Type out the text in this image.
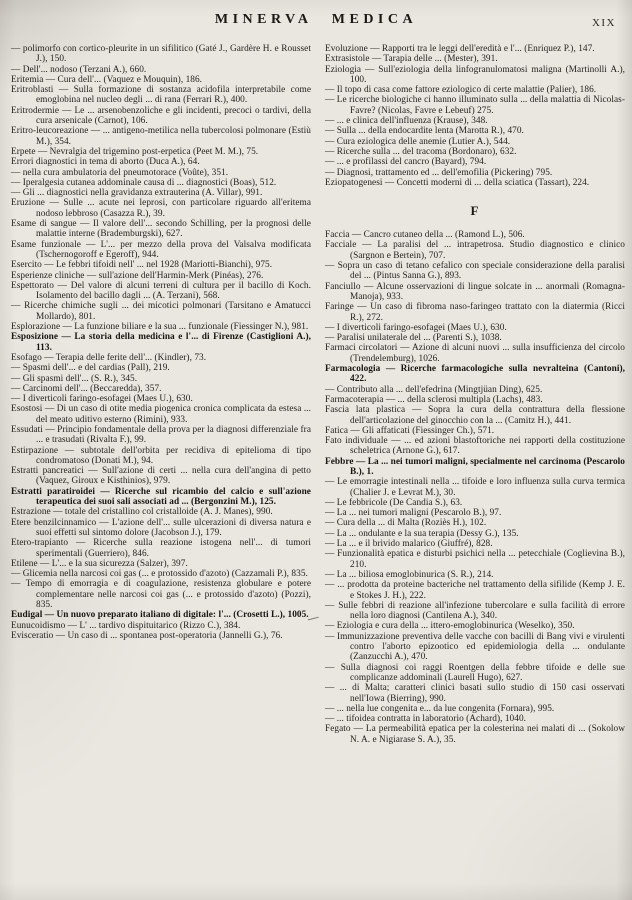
MINERVA MEDICA	XIX
— polimorfo con cortico-pleurite in un sifilitico (Gaté J., Gardère H. e Rousset J.), 150.
— Dell'... nodoso (Terzani A.), 660.
Eritemia — Cura dell'... (Vaquez e Mouquin), 186.
Eritroblasti — Sulla formazione di sostanza acidofila interpretabile come emoglobina nel nucleo degli ... di rana (Ferrari R.), 400.
Eritrodermie — Le ... arsenobenzoliche e gli incidenti, precoci o tardivi, della cura arsenicale (Carnot), 106.
Eritro-leucoreazione — ... antigeno-metilica nella tubercolosi polmonare (Estiù M.), 354.
Erpete — Nevralgia del trigemino post-erpetica (Peet M. M.), 75.
Errori diagnostici in tema di aborto (Duca A.), 64.
— nella cura ambulatoria del pneumotorace (Voûte), 351.
— Iperalgesia cutanea addominale causa di ... diagnostici (Boas), 512.
— Gli ... diagnostici nella gravidanza extrauterina (A. Villar), 991.
Eruzione — Sulle ... acute nei leprosi, con particolare riguardo all'eritema nodoso lebbroso (Casazza R.), 39.
Esame di sangue — Il valore dell'... secondo Schilling, per la prognosi delle malattie interne (Brademburgski), 627.
Esame funzionale — L'... per mezzo della prova del Valsalva modificata (Tschernogoroff e Egeroff), 944.
Esercito — Le febbri tifoidi nell' ... nel 1928 (Mariotti-Bianchi), 975.
Esperienze cliniche — sull'azione dell'Harmin-Merk (Pinéas), 276.
Espettorato — Del valore di alcuni terreni di cultura per il bacillo di Koch. Isolamento del bacillo dagli ... (A. Terzani), 568.
— Ricerche chimiche sugli ... dei micotici polmonari (Tarsitano e Amatucci Mollardo), 801.
Esplorazione — La funzione biliare e la sua ... funzionale (Fiessinger N.), 981.
Esposizione — La storia della medicina e l'... di Firenze (Castiglioni A.), 113.
Esofago — Terapia delle ferite dell'... (Kindler), 73.
— Spasmi dell'... e del cardias (Pall), 219.
— Gli spasmi dell'... (S. R.), 345.
— Carcinomi dell'... (Beccaredda), 357.
— I diverticoli faringo-esofagei (Maes U.), 630.
Esostosi — Di un caso di otite media piogenica cronica complicata da estesa ... del meato uditivo esterno (Rimini), 933.
Essudati — Principio fondamentale della prova per la diagnosi differenziale fra ... e trasudati (Rivalta F.), 99.
Estirpazione — subtotale dell'orbita per recidiva di epitelioma di tipo condromatoso (Donati M.), 94.
Estratti pancreatici — Sull'azione di certi ... nella cura dell'angina di petto (Vaquez, Giroux e Kisthinios), 979.
Estratti paratiroidei — Ricerche sul ricambio del calcio e sull'azione terapeutica dei suoi sali associati ad ... (Bergonzini M.), 125.
Estrazione — totale del cristallino col cristalloide (A. J. Manes), 990.
Etere benzilcinnamico — L'azione dell'... sulle ulcerazioni di diversa natura e suoi effetti sul sintomo dolore (Jacobson J.), 179.
Etero-trapianto — Ricerche sulla reazione istogena nell'... di tumori sperimentali (Guerriero), 846.
Etilene — L'... e la sua sicurezza (Salzer), 397.
— Glicemia nella narcosi coi gas (... e protossido d'azoto) (Cazzamali P.), 835.
— Tempo di emorragia e di coagulazione, resistenza globulare e potere complementare nelle narcosi coi gas (... e protossido d'azoto) (Pozzi), 835.
Eudigal — Un nuovo preparato italiano di digitale: l'... (Crosetti L.), 1005.
Eunucoidismo — L' ... tardivo dispituitarico (Rizzo C.), 384.
Evisceratio — Un caso di ... spontanea post-operatoria (Jannelli G.), 76.
Evoluzione — Rapporti tra le leggi dell'eredità e l'... (Enriquez P.), 147.
Extrasistole — Tarapia delle ... (Mester), 391.
Eziologia — Sull'eziologia della linfogranulomatosi maligna (Martinolli A.), 100.
— Il topo di casa come fattore eziologico di certe malattie (Palier), 186.
— Le ricerche biologiche ci hanno illuminato sulla ... della malattia di Nicolas-Favre? (Nicolas, Favre e Lebeuf) 275.
— ... e clinica dell'influenza (Krause), 348.
— Sulla ... della endocardite lenta (Marotta R.), 470.
— Cura eziologica delle anemie (Lutier A.), 544.
— Ricerche sulla ... del tracoma (Bordonaro), 632.
— ... e profilassi del cancro (Bayard), 794.
— Diagnosi, trattamento ed ... dell'emofilia (Pickering) 795.
Eziopatogenesi — Concetti moderni di ... della sciatica (Tassart), 224.
F
Faccia — Cancro cutaneo della ... (Ramond L.), 506.
Facciale — La paralisi del ... intrapetrosa. Studio diagnostico e clinico (Sargnon e Bertein), 707.
— Sopra un caso di tetano cefalico con speciale considerazione della paralisi del ... (Pintus Sanna G.), 893.
Fanciullo — Alcune osservazioni di lingue solcate in ... anormali (Romagna-Manoja), 933.
Faringe — Un caso di fibroma naso-faringeo trattato con la diatermia (Ricci R.), 272.
— I diverticoli faringo-esofagei (Maes U.), 630.
— Paralisi unilaterale del ... (Parenti S.), 1038.
Farmaci circolatori — Azione di alcuni nuovi ... sulla insufficienza del circolo (Trendelemburg), 1026.
Farmacologia — Ricerche farmacologiche sulla nevralteina (Cantoni), 422.
— Contributo alla ... dell'efedrina (Mingtjüan Ding), 625.
Farmacoterapia — ... della sclerosi multipla (Lachs), 483.
Fascia lata plastica — Sopra la cura della contrattura della flessione dell'articolazione del ginocchio con la ... (Camitz H.), 441.
Fatica — Gli affaticati (Fiessinger Ch.), 571.
Fato individuale — ... ed azioni blastoftoriche nei rapporti della costituzione scheletrica (Arnone G.), 617.
Febbre — La ... nei tumori maligni, specialmente nel carcinoma (Pescarolo B.), 1.
— Le emorragie intestinali nella ... tifoide e loro influenza sulla curva termica (Chalier J. e Levrat M.), 30.
— Le febbricole (De Candia S.), 63.
— La ... nei tumori maligni (Pescarolo B.), 97.
— Cura della ... di Malta (Roziès H.), 102.
— La ... ondulante e la sua terapia (Dessy G.), 135.
— La ... e il brivido malarico (Giuffré), 828.
— Funzionalità epatica e disturbi psichici nella ... petecchiale (Coglievina B.), 210.
— La ... biliosa emoglobinurica (S. R.), 214.
— ... prodotta da proteine bacteriche nel trattamento della sifilide (Kemp J. E. e Stokes J. H.), 222.
— Sulle febbri di reazione all'infezione tubercolare e sulla facilità di errore nella loro diagnosi (Cantilena A.), 340.
— Eziologia e cura della ... ittero-emoglobinurica (Weselko), 350.
— Immunizzazione preventiva delle vacche con bacilli di Bang vivi e virulenti contro l'aborto epizootico ed epidemiologia della ... ondulante (Zanzucchi A.), 470.
— Sulla diagnosi coi raggi Roentgen della febbre tifoide e delle sue complicanze addominali (Laurell Hugo), 627.
— ... di Malta; caratteri clinici basati sullo studio di 150 casi osservati nell'Iowa (Bierring), 990.
— ... nella lue congenita e... da lue congenita (Fornara), 995.
— ... tifoidea contratta in laboratorio (Achard), 1040.
Fegato — La permeabilità epatica per la colesterina nei malati di ... (Sokolow N. A. e Nigiarase S. A.), 35.
